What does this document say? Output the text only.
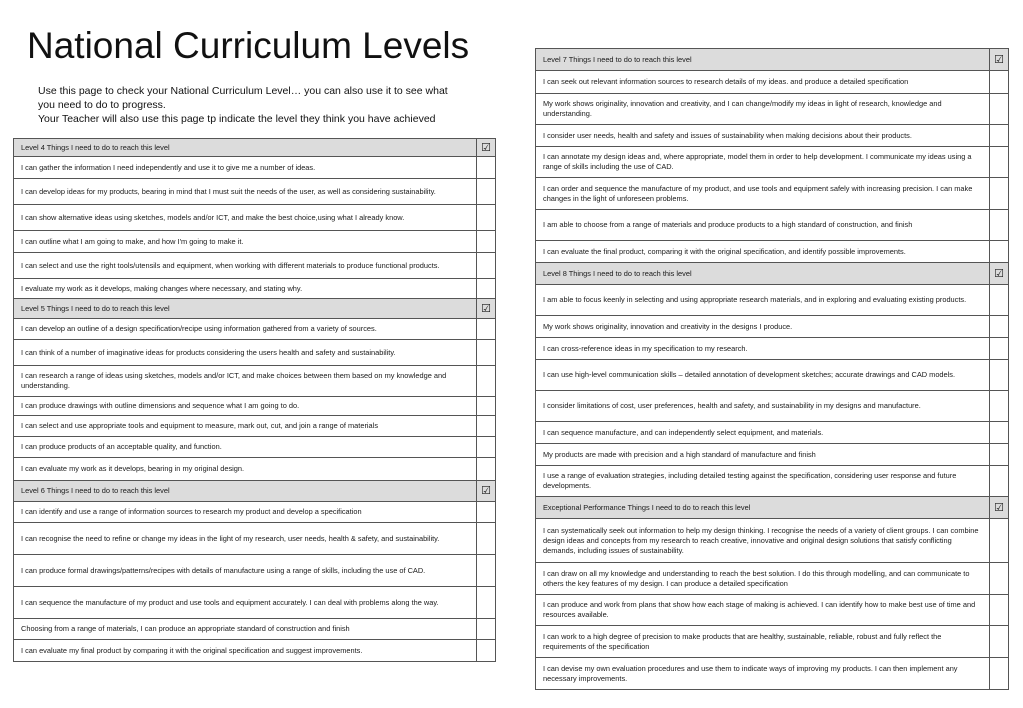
National Curriculum Levels
Use this page to check your National Curriculum Level… you can also use it to see what
you need to do to progress.
Your Teacher will also use this page tp indicate the level they think you have achieved
Level 4 Things I need to do to reach this level	☑
I can gather the information I need independently and use it to give me a number of ideas.	
I can develop ideas for my products, bearing in mind that I must suit the needs of the user, as well as considering sustainability.	
I can show alternative ideas using sketches, models and/or ICT, and make the best choice,using what I already know.	
I can outline what I am going to make, and how I'm going to make it.	
I can select and use the right tools/utensils and equipment, when working with different materials to produce functional products.	
I evaluate my work as it develops, making changes where necessary, and stating why.	
Level 5 Things I need to do to reach this level	☑
I can develop an outline of a design specification/recipe using information gathered from a variety of sources.	
I can think of a number of imaginative ideas for products considering the users health and safety and sustainability.	
I can research a range of ideas using sketches, models and/or ICT, and make choices between them based on my knowledge and understanding.	
I can produce drawings with outline dimensions and sequence what I am going to do.	
I can select and use appropriate tools and equipment to measure, mark out, cut, and join a range of materials	
I can produce products of an acceptable quality, and function.	
I can evaluate my work as it develops, bearing in my original design.	
Level 6 Things I need to do to reach this level	☑
I can identify and use a range of information sources to research my product and develop a specification	
I can recognise the need to refine or change my ideas in the light of my research, user needs, health & safety, and sustainability.	
I can produce formal drawings/patterns/recipes with details of manufacture using a range of skills, including the use of CAD.	
I can sequence the manufacture of my product and use tools and equipment accurately. I can deal with problems along the way.	
Choosing from a range of materials, I can produce an appropriate standard of construction and finish	
I can evaluate my final product by comparing it with the original specification and suggest improvements.	
Level 7 Things I need to do to reach this level	☑
I can seek out relevant information sources to research details of my ideas. and produce a detailed specification	
My work shows originality, innovation and creativity, and I can change/modify my ideas in light of research, knowledge and understanding.	
I consider user needs, health and safety and issues of sustainability when making decisions about their products.	
I can annotate my design ideas and, where appropriate, model them in order to help development. I communicate my ideas using a range of skills including the use of CAD.	
I can order and sequence the manufacture of my product, and use tools and equipment safely with increasing precision. I can make changes in the light of unforeseen problems.	
I am able to choose from a range of materials and produce products to a high standard of construction, and finish	
I can evaluate the final product, comparing it with the original specification, and identify possible improvements.	
Level 8 Things I need to do to reach this level	☑
I am able to focus keenly in selecting and using appropriate research materials, and in exploring and evaluating existing products.	
My work shows originality, innovation and creativity in the designs I produce.	
I can cross-reference ideas in my specification to my research.	
I can use high-level communication skills – detailed annotation of development sketches; accurate drawings and CAD models.	
I consider limitations of cost, user preferences, health and safety, and sustainability in my designs and manufacture.	
I can sequence manufacture, and can independently select equipment, and materials.	
My products are made with precision and a high standard of manufacture and finish	
I use a range of evaluation strategies, including detailed testing against the specification, considering user response and future developments.	
Exceptional Performance Things I need to do to reach this level	☑
I can systematically seek out information to help my design thinking. I recognise the needs of a variety of client groups. I can combine design ideas and concepts from my research to reach creative, innovative and original design solutions that satisfy conflicting demands, including issues of sustainability.	
I can draw on all my knowledge and understanding to reach the best solution. I do this through modelling, and can communicate to others the key features of my design. I can produce a detailed specification	
I can produce and work from plans that show how each stage of making is achieved. I can identify how to make best use of time and resources available.	
I can work to a high degree of precision to make products that are healthy, sustainable, reliable, robust and fully reflect the requirements of the specification	
I can devise my own evaluation procedures and use them to indicate ways of improving my products. I can then implement any necessary improvements.	
